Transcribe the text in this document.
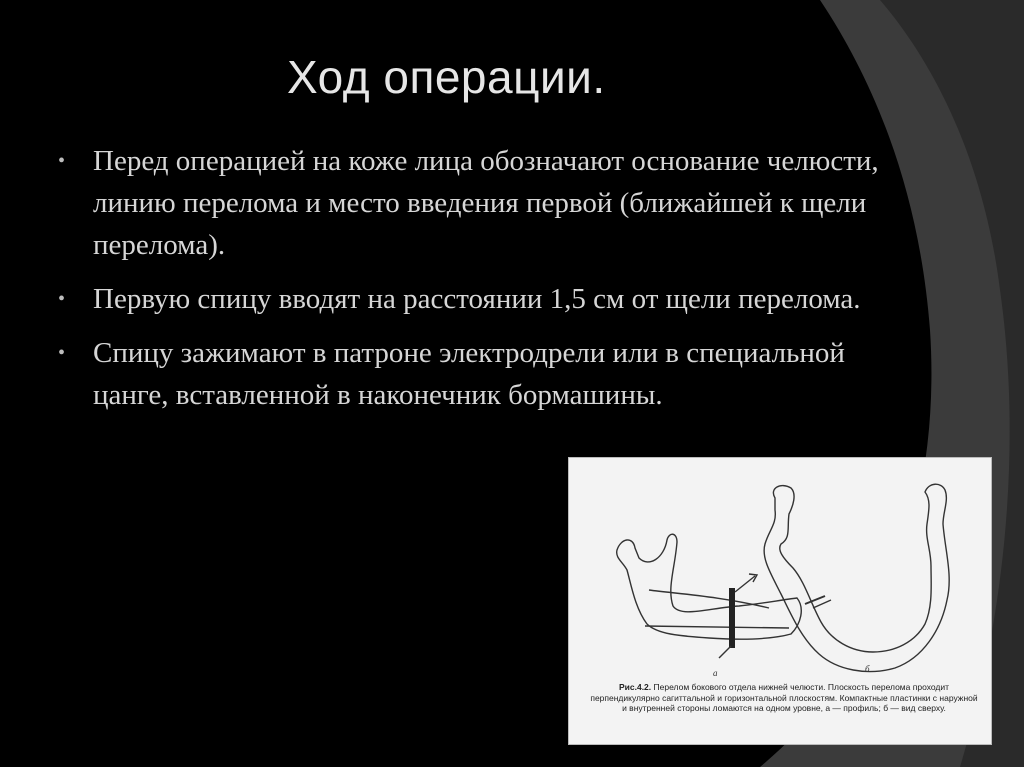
Ход операции.
• Перед операцией на коже лица обозначают основание челюсти, линию перелома и место введения первой (ближайшей к щели перелома).
• Первую спицу вводят на расстоянии 1,5 см от щели перелома.
• Спицу зажимают в патроне электродрели или в специальной цанге, вставленной в наконечник бормашины.
а	б
Рис.4.2. Перелом бокового отдела нижней челюсти. Плоскость перелома проходит перпендикулярно сагиттальной и горизонтальной плоскостям. Компактные пластинки с наружной и внутренней стороны ломаются на одном уровне, а — профиль; б — вид сверху.
